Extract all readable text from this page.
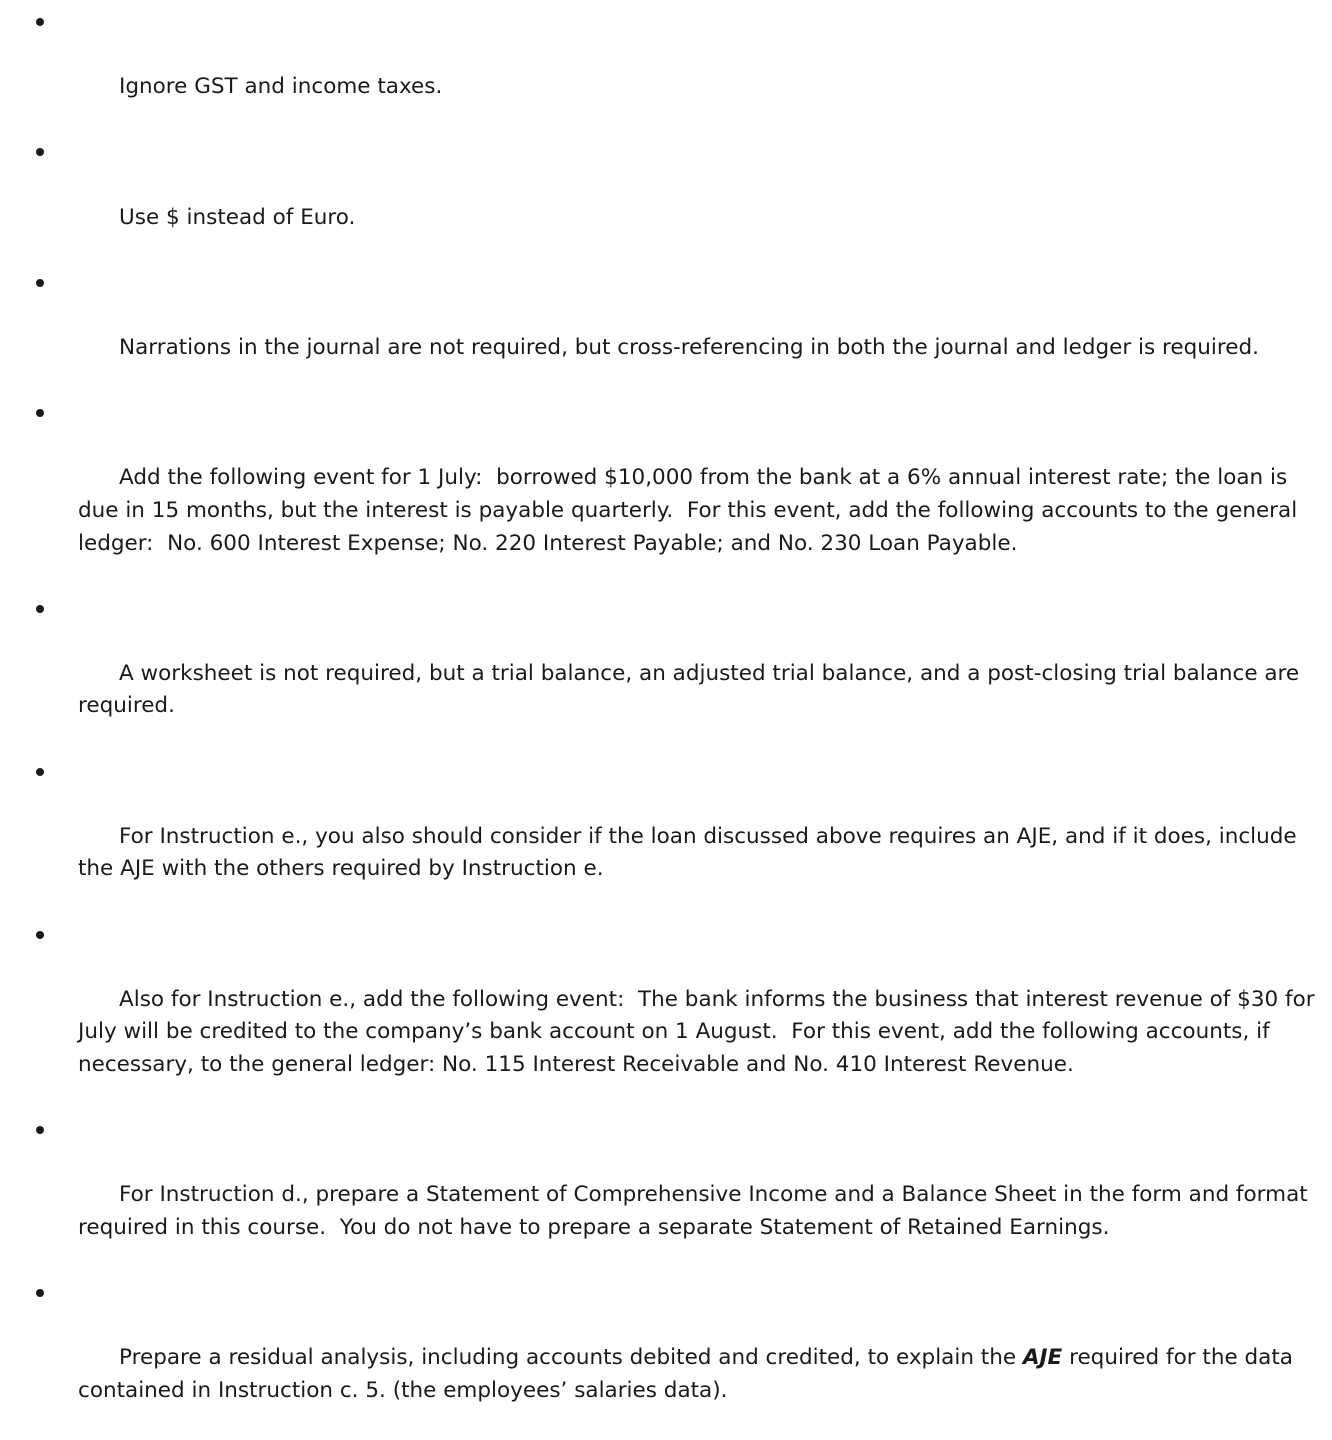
Ignore GST and income taxes.

Use $ instead of Euro.

Narrations in the journal are not required, but cross-referencing in both the journal and ledger is required.

Add the following event for 1 July:  borrowed $10,000 from the bank at a 6% annual interest rate; the loan is due in 15 months, but the interest is payable quarterly.  For this event, add the following accounts to the general ledger:  No. 600 Interest Expense; No. 220 Interest Payable; and No. 230 Loan Payable.

A worksheet is not required, but a trial balance, an adjusted trial balance, and a post-closing trial balance are required.

For Instruction e., you also should consider if the loan discussed above requires an AJE, and if it does, include the AJE with the others required by Instruction e.

Also for Instruction e., add the following event:  The bank informs the business that interest revenue of $30 for July will be credited to the company’s bank account on 1 August.  For this event, add the following accounts, if necessary, to the general ledger: No. 115 Interest Receivable and No. 410 Interest Revenue.

For Instruction d., prepare a Statement of Comprehensive Income and a Balance Sheet in the form and format required in this course.  You do not have to prepare a separate Statement of Retained Earnings.

Prepare a residual analysis, including accounts debited and credited, to explain the AJE required for the data contained in Instruction c. 5. (the employees’ salaries data).
